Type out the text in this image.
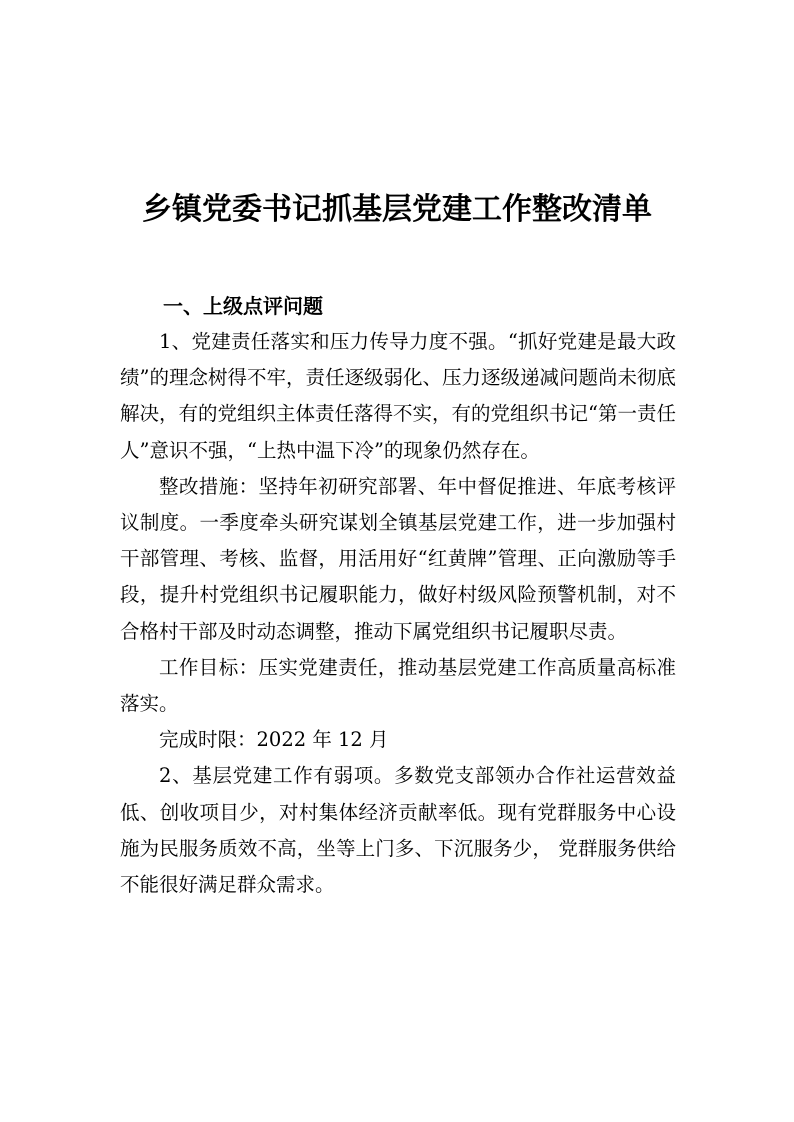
乡镇党委书记抓基层党建工作整改清单
一、上级点评问题

1、党建责任落实和压力传导力度不强。“抓好党建是最大政绩”的理念树得不牢，责任逐级弱化、压力逐级递减问题尚未彻底解决，有的党组织主体责任落得不实，有的党组织书记“第一责任人”意识不强，“上热中温下冷”的现象仍然存在。

整改措施：坚持年初研究部署、年中督促推进、年底考核评议制度。一季度牵头研究谋划全镇基层党建工作，进一步加强村干部管理、考核、监督，用活用好“红黄牌”管理、正向激励等手段，提升村党组织书记履职能力，做好村级风险预警机制，对不合格村干部及时动态调整，推动下属党组织书记履职尽责。

工作目标：压实党建责任，推动基层党建工作高质量高标准落实。

完成时限：2022 年 12 月

2、基层党建工作有弱项。多数党支部领办合作社运营效益低、创收项目少，对村集体经济贡献率低。现有党群服务中心设施为民服务质效不高，坐等上门多、下沉服务少， 党群服务供给不能很好满足群众需求。
